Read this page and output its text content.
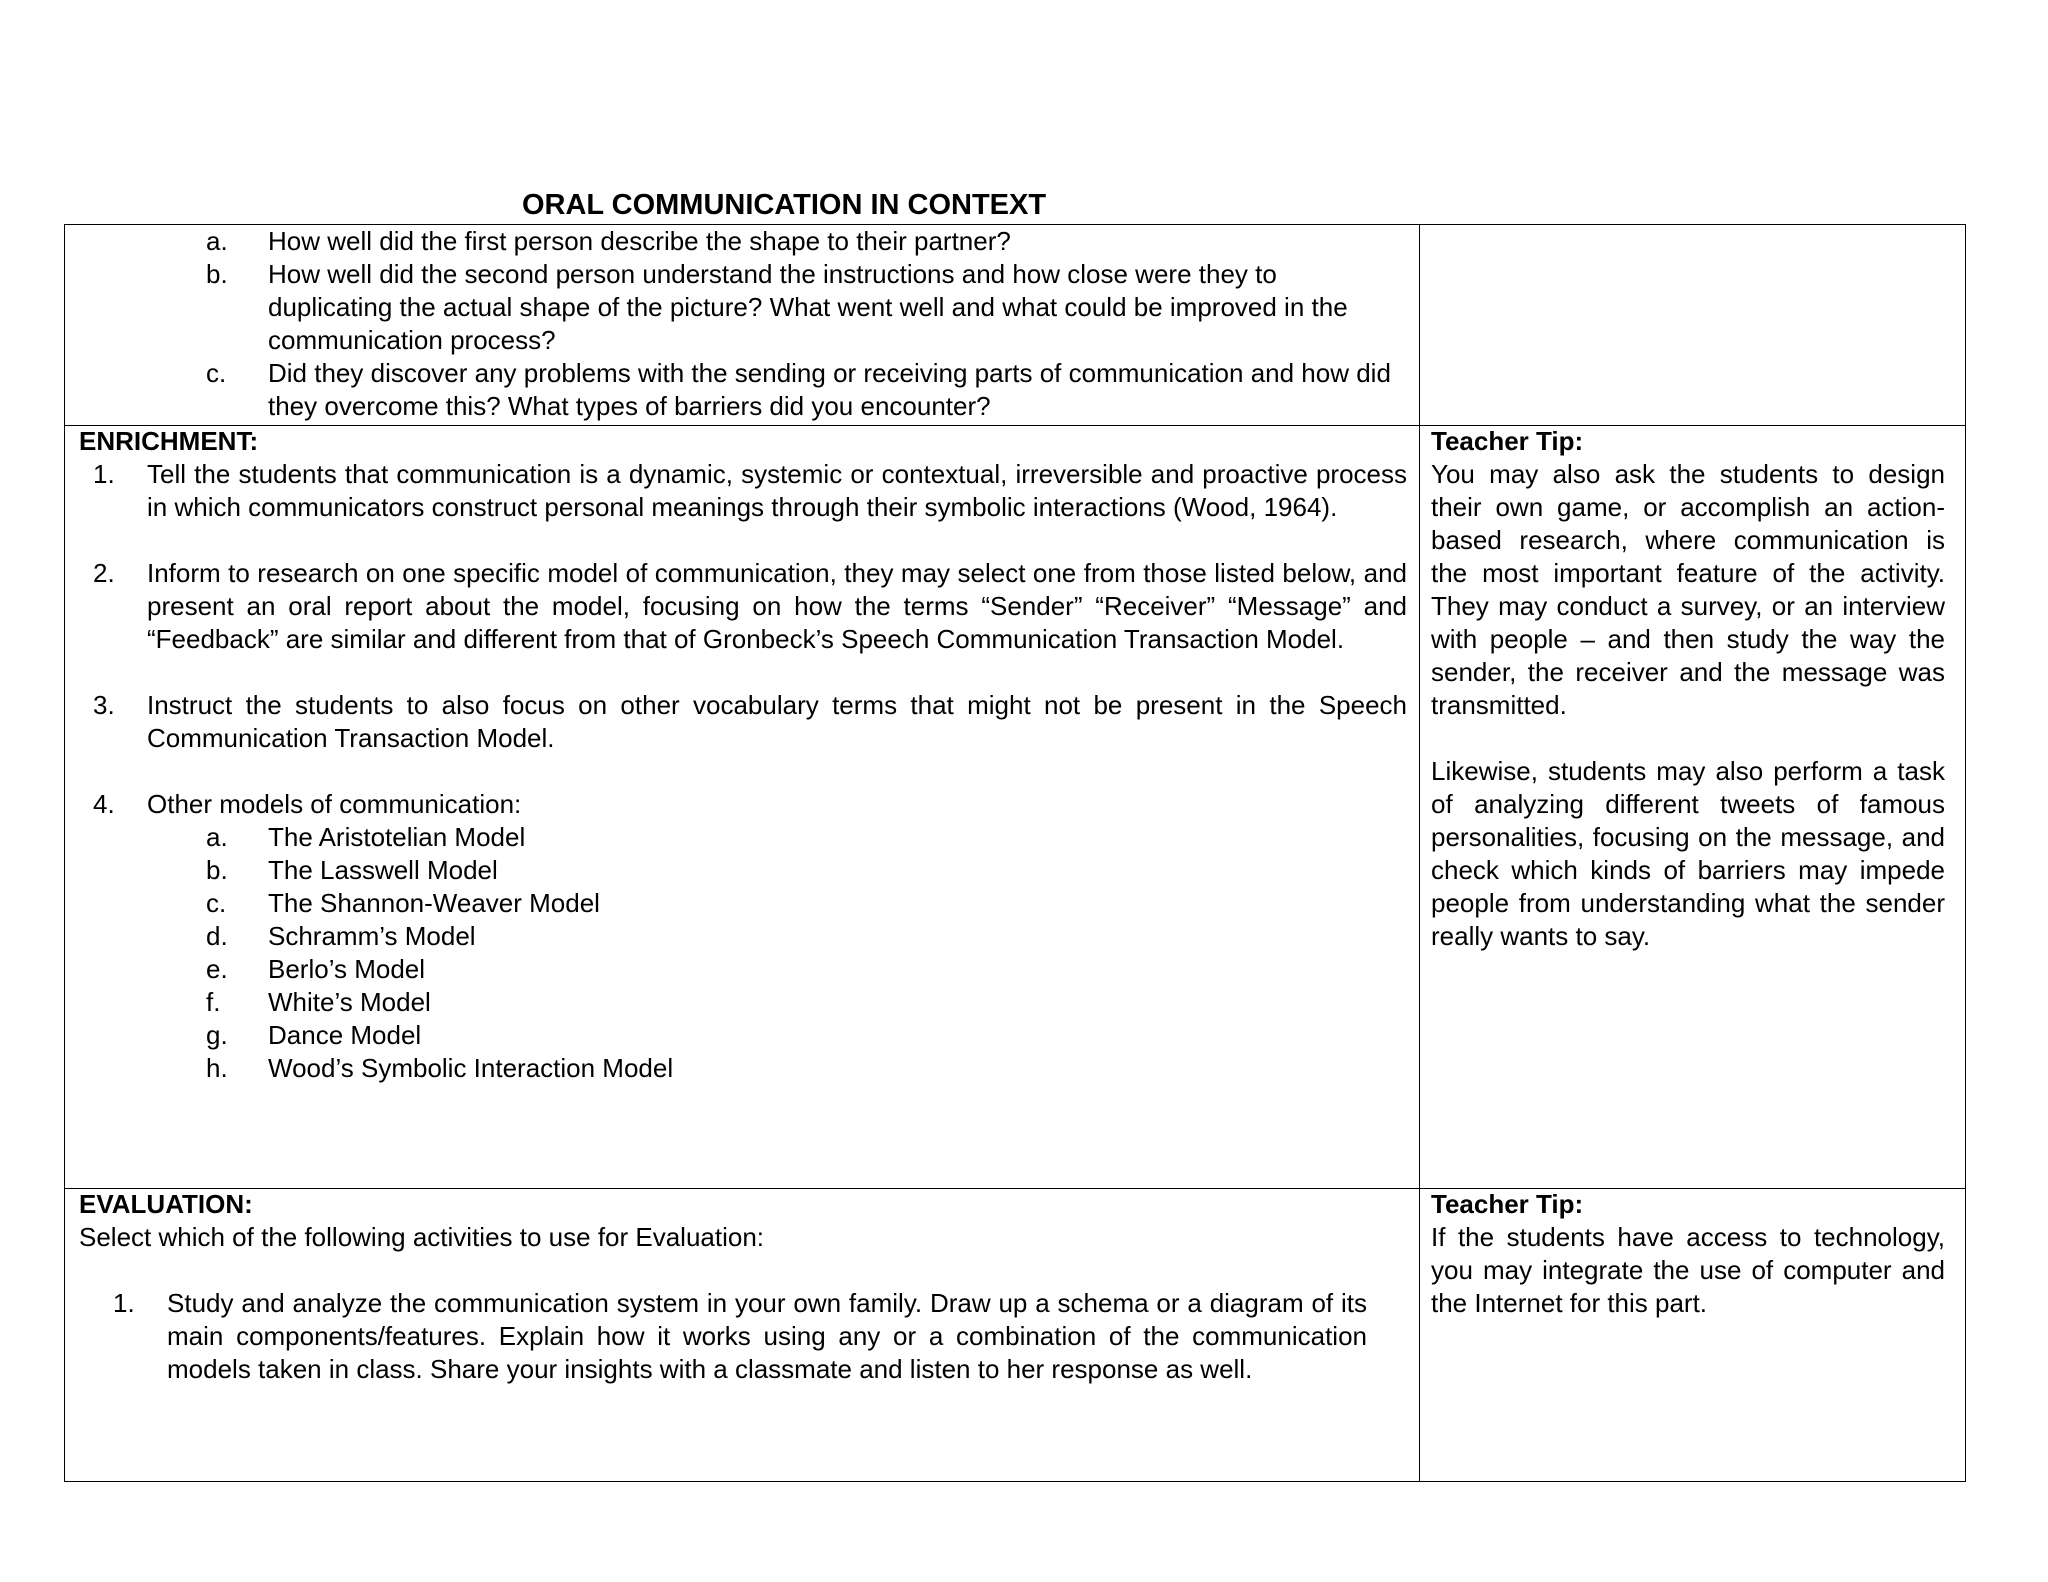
ORAL COMMUNICATION IN CONTEXT
a. How well did the first person describe the shape to their partner?
b. How well did the second person understand the instructions and how close were they to duplicating the actual shape of the picture? What went well and what could be improved in the communication process?
c. Did they discover any problems with the sending or receiving parts of communication and how did they overcome this? What types of barriers did you encounter?
ENRICHMENT:
1. Tell the students that communication is a dynamic, systemic or contextual, irreversible and proactive process in which communicators construct personal meanings through their symbolic interactions (Wood, 1964).
2. Inform to research on one specific model of communication, they may select one from those listed below, and present an oral report about the model, focusing on how the terms “Sender” “Receiver” “Message” and “Feedback” are similar and different from that of Gronbeck’s Speech Communication Transaction Model.
3. Instruct the students to also focus on other vocabulary terms that might not be present in the Speech Communication Transaction Model.
4. Other models of communication:
a. The Aristotelian Model
b. The Lasswell Model
c. The Shannon-Weaver Model
d. Schramm’s Model
e. Berlo’s Model
f. White’s Model
g. Dance Model
h. Wood’s Symbolic Interaction Model
Teacher Tip:

You may also ask the students to design their own game, or accomplish an action-based research, where communication is the most important feature of the activity. They may conduct a survey, or an interview with people – and then study the way the sender, the receiver and the message was transmitted.

Likewise, students may also perform a task of analyzing different tweets of famous personalities, focusing on the message, and check which kinds of barriers may impede people from understanding what the sender really wants to say.

EVALUATION:
Select which of the following activities to use for Evaluation:
1. Study and analyze the communication system in your own family. Draw up a schema or a diagram of its main components/features. Explain how it works using any or a combination of the communication models taken in class. Share your insights with a classmate and listen to her response as well.
Teacher Tip:

If the students have access to technology, you may integrate the use of computer and the Internet for this part.
